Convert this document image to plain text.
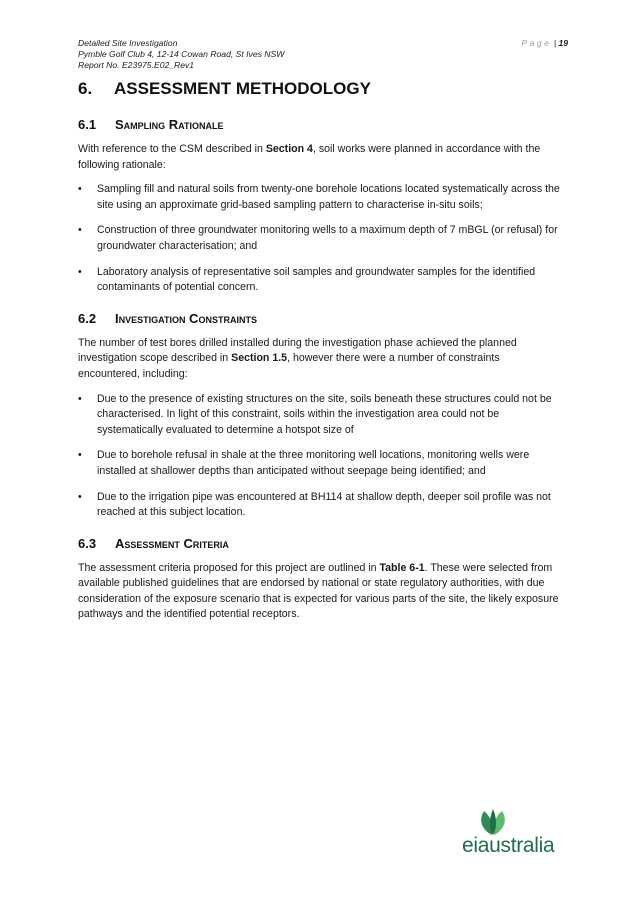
Detailed Site Investigation
Pymble Golf Club 4, 12-14 Cowan Road, St Ives NSW
Report No. E23975.E02_Rev1
Page | 19
6. ASSESSMENT METHODOLOGY
6.1 Sampling Rationale

With reference to the CSM described in Section 4, soil works were planned in accordance with the following rationale:

• Sampling fill and natural soils from twenty-one borehole locations located systematically across the site using an approximate grid-based sampling pattern to characterise in-situ soils;
• Construction of three groundwater monitoring wells to a maximum depth of 7 mBGL (or refusal) for groundwater characterisation; and
• Laboratory analysis of representative soil samples and groundwater samples for the identified contaminants of potential concern.
6.2 Investigation Constraints

The number of test bores drilled installed during the investigation phase achieved the planned investigation scope described in Section 1.5, however there were a number of constraints encountered, including:

• Due to the presence of existing structures on the site, soils beneath these structures could not be characterised. In light of this constraint, soils within the investigation area could not be systematically evaluated to determine a hotspot size of
• Due to borehole refusal in shale at the three monitoring well locations, monitoring wells were installed at shallower depths than anticipated without seepage being identified; and
• Due to the irrigation pipe was encountered at BH114 at shallow depth, deeper soil profile was not reached at this subject location.
6.3 Assessment Criteria

The assessment criteria proposed for this project are outlined in Table 6-1. These were selected from available published guidelines that are endorsed by national or state regulatory authorities, with due consideration of the exposure scenario that is expected for various parts of the site, the likely exposure pathways and the identified potential receptors.

eiaustralia
